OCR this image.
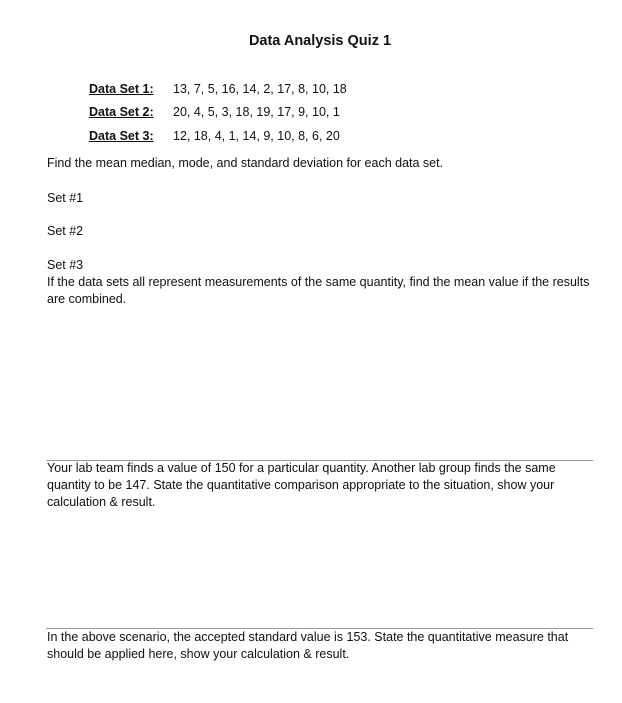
Data Analysis Quiz 1
Data Set 1:	13, 7, 5, 16, 14, 2, 17, 8, 10, 18
Data Set 2:	20, 4, 5, 3, 18, 19, 17, 9, 10, 1
Data Set 3:	12, 18, 4, 1, 14, 9, 10, 8, 6, 20
Find the mean median, mode, and standard deviation for each data set.
Set #1
Set #2
Set #3
If the data sets all represent measurements of the same quantity, find the mean value if the results are combined.
Your lab team finds a value of 150 for a particular quantity. Another lab group finds the same quantity to be 147. State the quantitative comparison appropriate to the situation, show your calculation & result.
In the above scenario, the accepted standard value is 153. State the quantitative measure that should be applied here, show your calculation & result.
